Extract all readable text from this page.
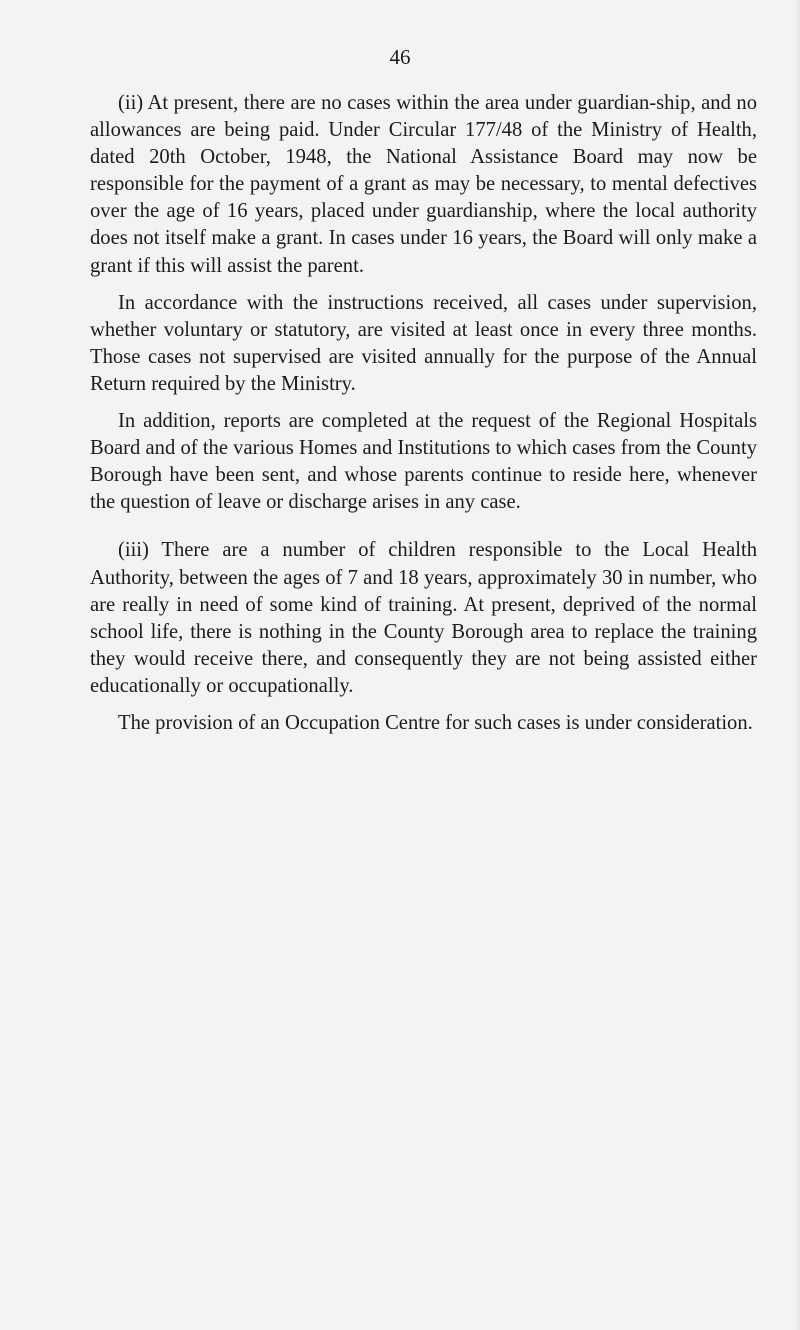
46

(ii) At present, there are no cases within the area under guardian-ship, and no allowances are being paid. Under Circular 177/48 of the Ministry of Health, dated 20th October, 1948, the National Assistance Board may now be responsible for the payment of a grant as may be necessary, to mental defectives over the age of 16 years, placed under guardianship, where the local authority does not itself make a grant. In cases under 16 years, the Board will only make a grant if this will assist the parent.

In accordance with the instructions received, all cases under supervision, whether voluntary or statutory, are visited at least once in every three months. Those cases not supervised are visited annually for the purpose of the Annual Return required by the Ministry.

In addition, reports are completed at the request of the Regional Hospitals Board and of the various Homes and Institutions to which cases from the County Borough have been sent, and whose parents continue to reside here, whenever the question of leave or discharge arises in any case.

(iii) There are a number of children responsible to the Local Health Authority, between the ages of 7 and 18 years, approximately 30 in number, who are really in need of some kind of training. At present, deprived of the normal school life, there is nothing in the County Borough area to replace the training they would receive there, and consequently they are not being assisted either educationally or occupationally.

The provision of an Occupation Centre for such cases is under consideration.
